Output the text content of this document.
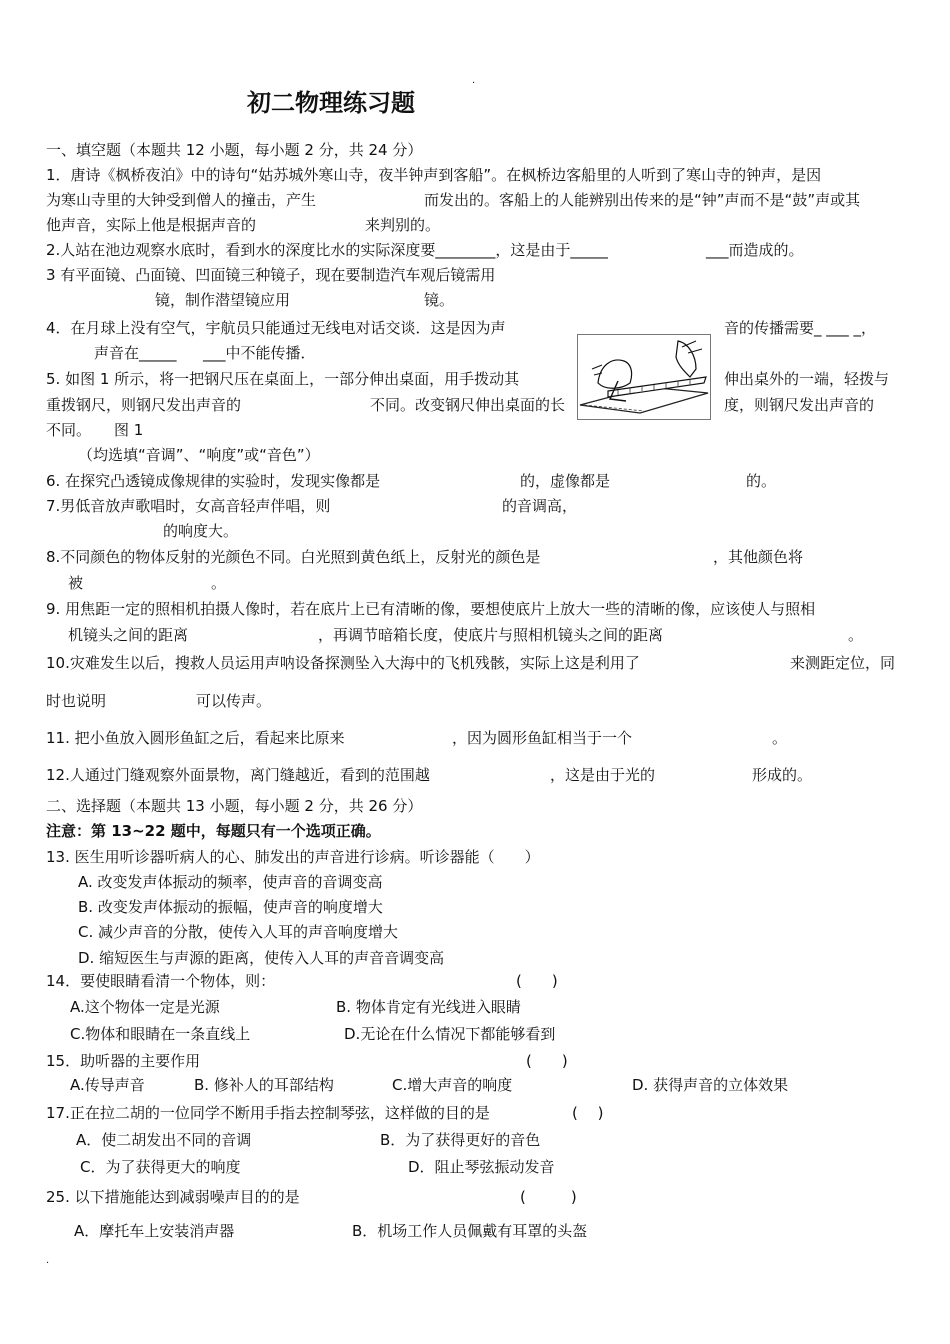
.
初二物理练习题
一、填空题（本题共 12 小题，每小题 2 分，共 24 分）
1．唐诗《枫桥夜泊》中的诗句“姑苏城外寒山寺，夜半钟声到客船”。在枫桥边客船里的人听到了寒山寺的钟声，是因
为寒山寺里的大钟受到僧人的撞击，产生	而发出的。客船上的人能辨别出传来的是“钟”声而不是“鼓”声或其
他声音，实际上他是根据声音的	来判别的。
2.人站在池边观察水底时，看到水的深度比水的实际深度要________，这是由于_____	___而造成的。
3 有平面镜、凸面镜、凹面镜三种镜子，现在要制造汽车观后镜需用
镜，制作潜望镜应用	镜。
4．在月球上没有空气，宇航员只能通过无线电对话交谈．这是因为声	音的传播需要_ ___ _，
声音在_____ ___中不能传播．
5. 如图 1 所示，将一把钢尺压在桌面上，一部分伸出桌面，用手拨动其	伸出桌外的一端，轻拨与
重拨钢尺，则钢尺发出声音的	不同。改变钢尺伸出桌面的长	度，则钢尺发出声音的
不同。 图 1
（均选填“音调”、“响度”或“音色”）
6. 在探究凸透镜成像规律的实验时，发现实像都是	的，虚像都是	的。
7.男低音放声歌唱时，女高音轻声伴唱，则	的音调高，
的响度大。
8.不同颜色的物体反射的光颜色不同。白光照到黄色纸上，反射光的颜色是	，其他颜色将
被	。
9. 用焦距一定的照相机拍摄人像时，若在底片上已有清晰的像，要想使底片上放大一些的清晰的像，应该使人与照相
机镜头之间的距离	，再调节暗箱长度，使底片与照相机镜头之间的距离	。
10.灾难发生以后，搜救人员运用声呐设备探测坠入大海中的飞机残骸，实际上这是利用了	来测距定位，同
时也说明	可以传声。
11. 把小鱼放入圆形鱼缸之后，看起来比原来	，因为圆形鱼缸相当于一个	。
12.人通过门缝观察外面景物，离门缝越近，看到的范围越	，这是由于光的	形成的。
二、选择题（本题共 13 小题，每小题 2 分，共 26 分）
注意：第 13~22 题中，每题只有一个选项正确。
13. 医生用听诊器听病人的心、肺发出的声音进行诊病。听诊器能（　　）
A. 改变发声体振动的频率，使声音的音调变高
B. 改变发声体振动的振幅，使声音的响度增大
C. 减少声音的分散，使传入人耳的声音响度增大
D. 缩短医生与声源的距离，使传入人耳的声音音调变高
14．要使眼睛看清一个物体，则：	(　　)
A.这个物体一定是光源	B. 物体肯定有光线进入眼睛
C.物体和眼睛在一条直线上	D.无论在什么情况下都能够看到
15．助听器的主要作用	(　　)
A.传导声音	B. 修补人的耳部结构	C.增大声音的响度	D. 获得声音的立体效果
17.正在拉二胡的一位同学不断用手指去控制琴弦，这样做的目的是	(　 )
A．使二胡发出不同的音调	B．为了获得更好的音色
C．为了获得更大的响度	D．阻止琴弦振动发音
25. 以下措施能达到减弱噪声目的的是	(　　　)
A．摩托车上安装消声器	B．机场工作人员佩戴有耳罩的头盔
.
